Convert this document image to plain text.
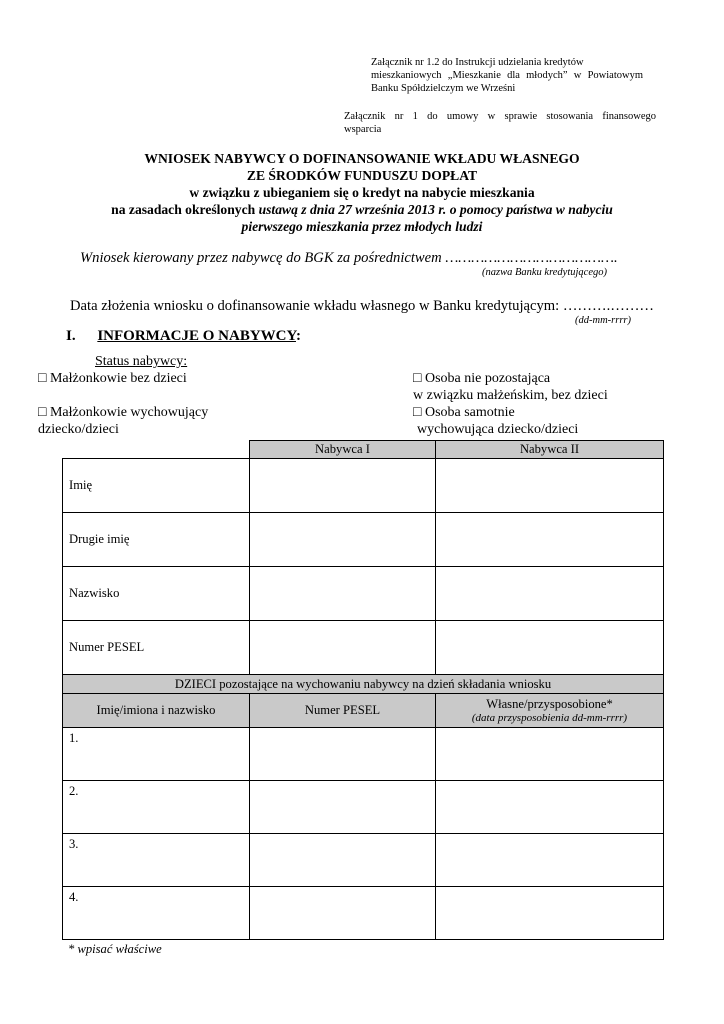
Załącznik nr 1.2 do Instrukcji udzielania kredytów
mieszkaniowych „Mieszkanie dla młodych” w Powiatowym
Banku Spółdzielczym we Wrześni
Załącznik nr 1 do umowy w sprawie stosowania finansowego
wsparcia
WNIOSEK NABYWCY O DOFINANSOWANIE WKŁADU WŁASNEGO
ZE ŚRODKÓW FUNDUSZU DOPŁAT
w związku z ubieganiem się o kredyt na nabycie mieszkania
na zasadach określonych ustawą z dnia 27 września 2013 r. o pomocy państwa w nabyciu
pierwszego mieszkania przez młodych ludzi
Wniosek kierowany przez nabywcę do BGK za pośrednictwem ………………………………….
(nazwa Banku kredytującego)
Data złożenia wniosku o dofinansowanie wkładu własnego w Banku kredytującym: ……….………
(dd-mm-rrrr)
I. INFORMACJE O NABYWCY:
Status nabywcy:
□ Małżonkowie bez dzieci
□ Małżonkowie wychowujący
dziecko/dzieci
□ Osoba nie pozostająca
w związku małżeńskim, bez dzieci
□ Osoba samotnie
wychowująca dziecko/dzieci
	Nabywca I	Nabywca II
Imię		
Drugie imię		
Nazwisko		
Numer PESEL		
DZIECI pozostające na wychowaniu nabywcy na dzień składania wniosku		
Imię/imiona i nazwisko	Numer PESEL	Własne/przysposobione*
(data przysposobienia dd-mm-rrrr)

1.		
2.		
3.		
4.		
* wpisać właściwe
